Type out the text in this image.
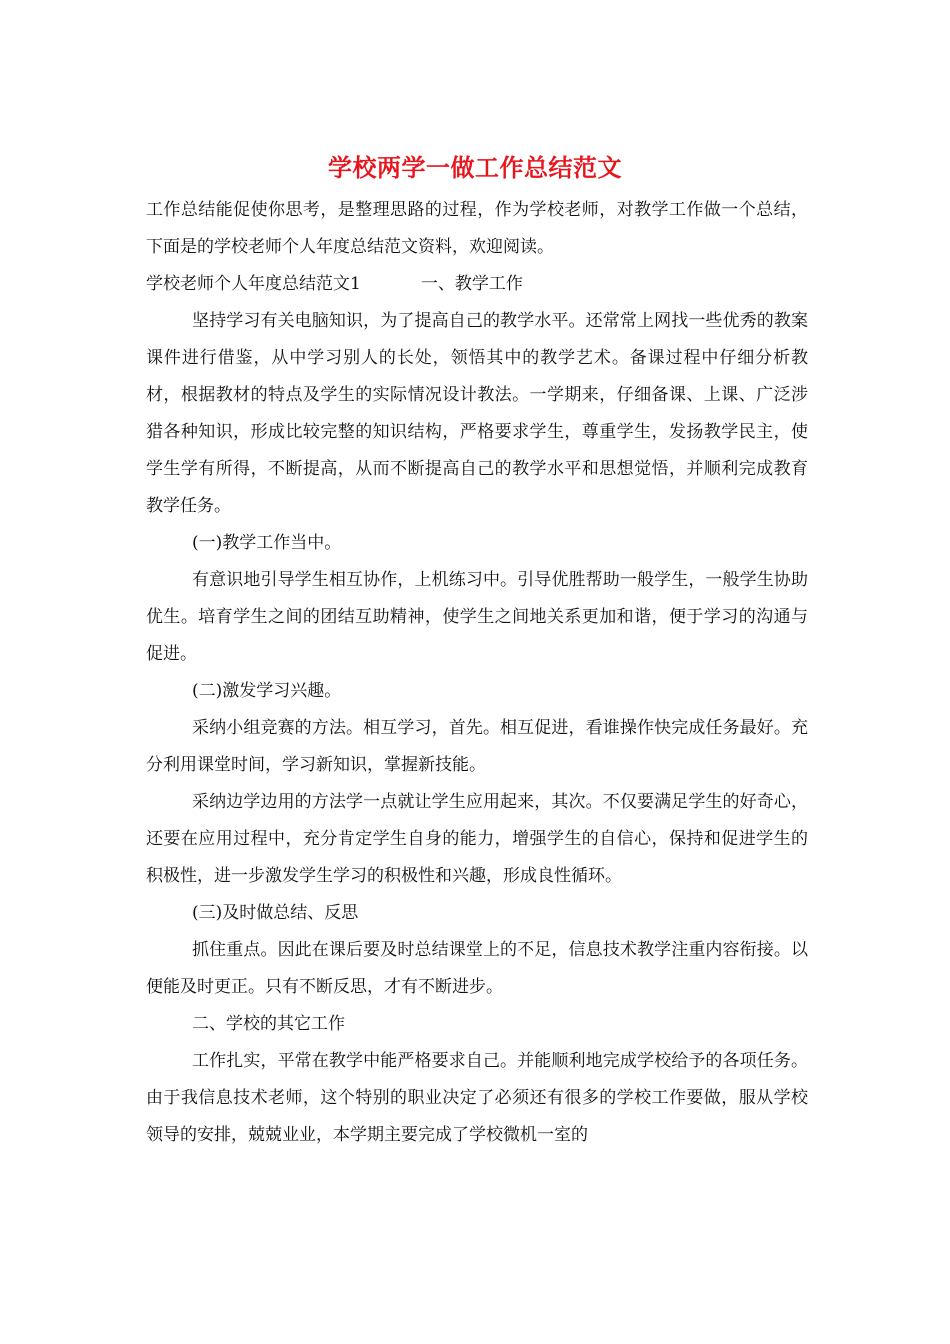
学校两学一做工作总结范文

工作总结能促使你思考，是整理思路的过程，作为学校老师，对教学工作做一个总结，下面是的学校老师个人年度总结范文资料，欢迎阅读。

学校老师个人年度总结范文1	一、教学工作

坚持学习有关电脑知识，为了提高自己的教学水平。还常常上网找一些优秀的教案课件进行借鉴，从中学习别人的长处，领悟其中的教学艺术。备课过程中仔细分析教材，根据教材的特点及学生的实际情况设计教法。一学期来，仔细备课、上课、广泛涉猎各种知识，形成比较完整的知识结构，严格要求学生，尊重学生，发扬教学民主，使学生学有所得，不断提高，从而不断提高自己的教学水平和思想觉悟，并顺利完成教育教学任务。

(一)教学工作当中。

有意识地引导学生相互协作，上机练习中。引导优胜帮助一般学生，一般学生协助优生。培育学生之间的团结互助精神，使学生之间地关系更加和谐，便于学习的沟通与促进。

(二)激发学习兴趣。

采纳小组竞赛的方法。相互学习，首先。相互促进，看谁操作快完成任务最好。充分利用课堂时间，学习新知识，掌握新技能。

采纳边学边用的方法学一点就让学生应用起来，其次。不仅要满足学生的好奇心，还要在应用过程中，充分肯定学生自身的能力，增强学生的自信心，保持和促进学生的积极性，进一步激发学生学习的积极性和兴趣，形成良性循环。

(三)及时做总结、反思

抓住重点。因此在课后要及时总结课堂上的不足，信息技术教学注重内容衔接。以便能及时更正。只有不断反思，才有不断进步。

二、学校的其它工作

工作扎实，平常在教学中能严格要求自己。并能顺利地完成学校给予的各项任务。由于我信息技术老师，这个特别的职业决定了必须还有很多的学校工作要做，服从学校领导的安排，兢兢业业，本学期主要完成了学校微机一室的
